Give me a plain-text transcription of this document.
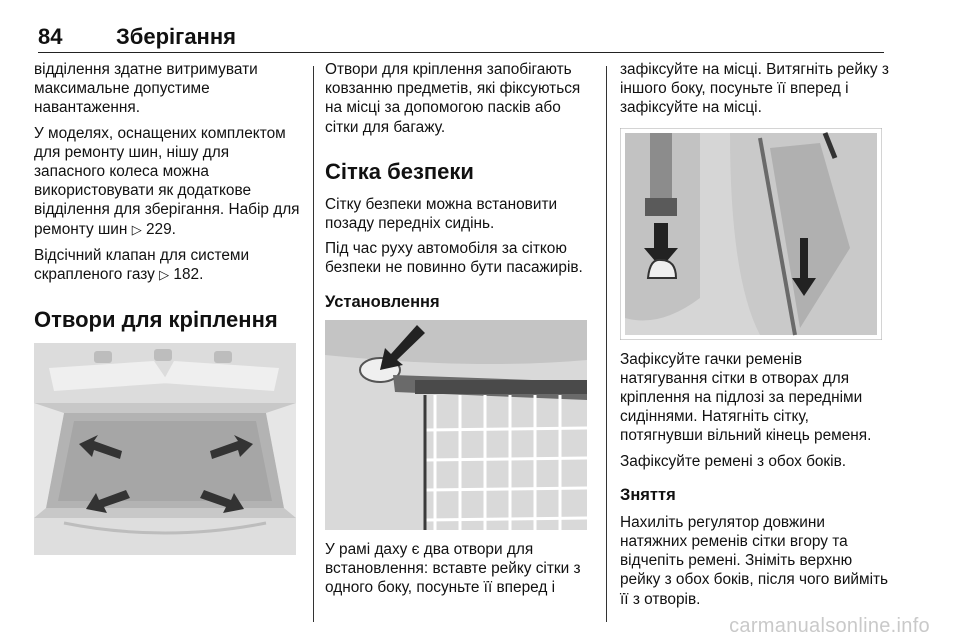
84 Зберігання

відділення здатне витримувати максимальне допустиме навантаження.

У моделях, оснащених комплектом для ремонту шин, нішу для запасного колеса можна використовувати як додаткове відділення для зберігання. Набір для ремонту шин ▷ 229.

Відсічний клапан для системи скрапленого газу ▷ 182.

Отвори для кріплення

Отвори для кріплення запобігають ковзанню предметів, які фіксуються на місці за допомогою пасків або сітки для багажу.

Сітка безпеки

Сітку безпеки можна встановити позаду передніх сидінь.

Під час руху автомобіля за сіткою безпеки не повинно бути пасажирів.

Установлення

У рамі даху є два отвори для встановлення: вставте рейку сітки з одного боку, посуньте її вперед і

зафіксуйте на місці. Витягніть рейку з іншого боку, посуньте її вперед і зафіксуйте на місці.

Зафіксуйте гачки ременів натягування сітки в отворах для кріплення на підлозі за передніми сидіннями. Натягніть сітку, потягнувши вільний кінець ременя.

Зафіксуйте ремені з обох боків.

Зняття

Нахиліть регулятор довжини натяжних ременів сітки вгору та відчепіть ремені. Зніміть верхню рейку з обох боків, після чого вийміть її з отворів.

carmanualsonline.info
